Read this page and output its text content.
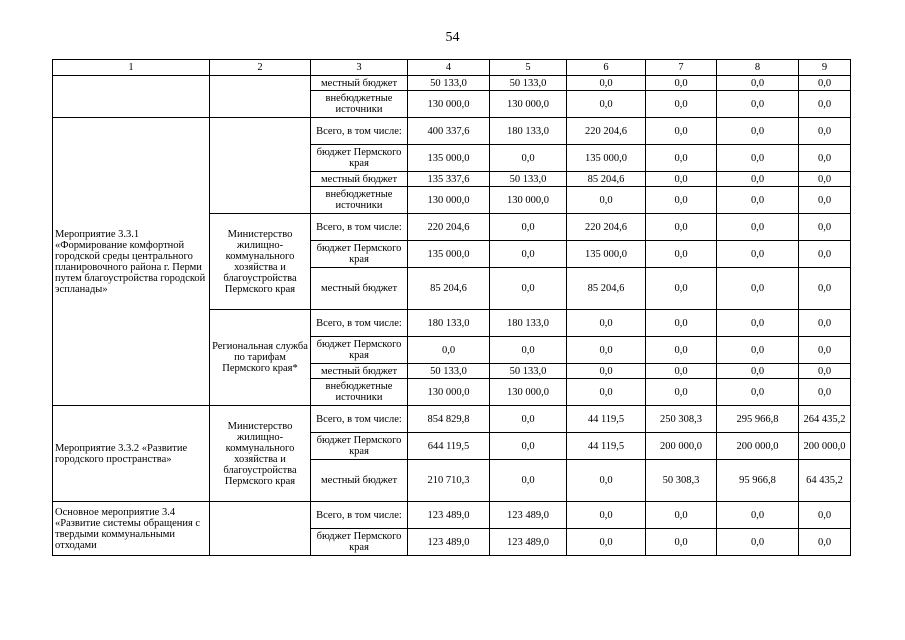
54
1	2	3	4	5	6	7	8	9
		местный бюджет	50 133,0	50 133,0	0,0	0,0	0,0	0,0
		внебюджетные источники	130 000,0	130 000,0	0,0	0,0	0,0	0,0
Мероприятие 3.3.1 «Формирование комфортной городской среды центрального планировочного района г. Перми путем благоустройства городской эспланады»		Всего, в том числе:	400 337,6	180 133,0	220 204,6	0,0	0,0	0,0
		бюджет Пермского края	135 000,0	0,0	135 000,0	0,0	0,0	0,0
		местный бюджет	135 337,6	50 133,0	85 204,6	0,0	0,0	0,0
		внебюджетные источники	130 000,0	130 000,0	0,0	0,0	0,0	0,0
	Министерство жилищно-коммунального хозяйства и благоустройства Пермского края	Всего, в том числе:	220 204,6	0,0	220 204,6	0,0	0,0	0,0
		бюджет Пермского края	135 000,0	0,0	135 000,0	0,0	0,0	0,0
		местный бюджет	85 204,6	0,0	85 204,6	0,0	0,0	0,0
	Региональная служба по тарифам Пермского края*	Всего, в том числе:	180 133,0	180 133,0	0,0	0,0	0,0	0,0
		бюджет Пермского края	0,0	0,0	0,0	0,0	0,0	0,0
		местный бюджет	50 133,0	50 133,0	0,0	0,0	0,0	0,0
		внебюджетные источники	130 000,0	130 000,0	0,0	0,0	0,0	0,0
Мероприятие 3.3.2 «Развитие городского пространства»	Министерство жилищно-коммунального хозяйства и благоустройства Пермского края	Всего, в том числе:	854 829,8	0,0	44 119,5	250 308,3	295 966,8	264 435,2
		бюджет Пермского края	644 119,5	0,0	44 119,5	200 000,0	200 000,0	200 000,0
		местный бюджет	210 710,3	0,0	0,0	50 308,3	95 966,8	64 435,2
Основное мероприятие 3.4 «Развитие системы обращения с твердыми коммунальными отходами		Всего, в том числе:	123 489,0	123 489,0	0,0	0,0	0,0	0,0
		бюджет Пермского края	123 489,0	123 489,0	0,0	0,0	0,0	0,0
